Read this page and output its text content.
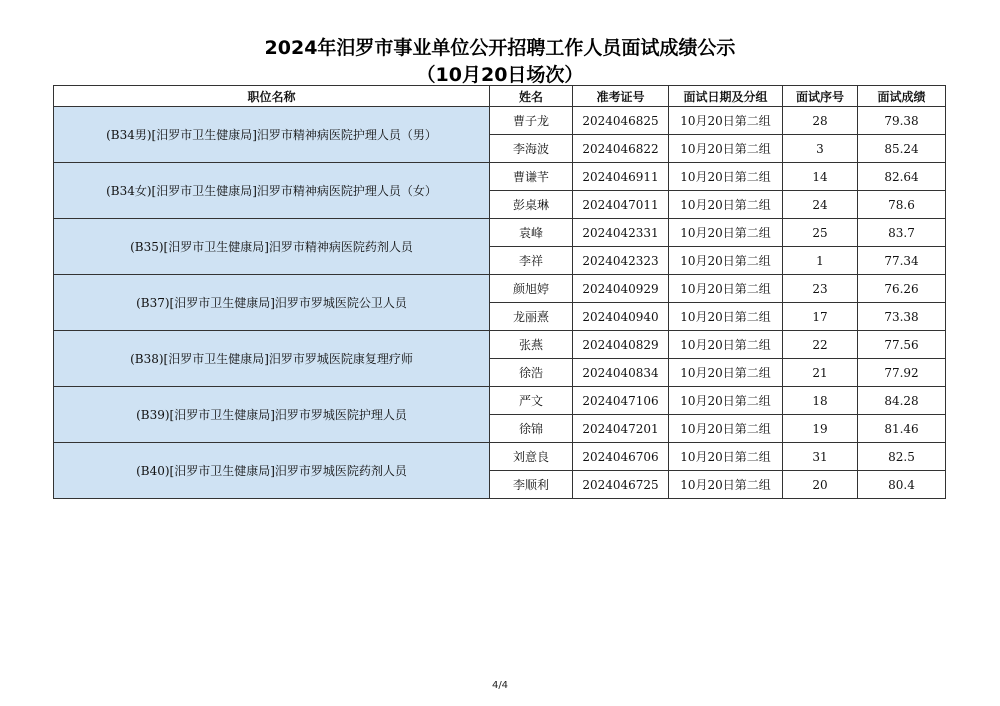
2024年汨罗市事业单位公开招聘工作人员面试成绩公示
（10月20日场次）
职位名称	姓名	准考证号	面试日期及分组	面试序号	面试成绩
(B34男)[汨罗市卫生健康局]汨罗市精神病医院护理人员（男）	曹子龙	2024046825	10月20日第二组	28	79.38
	李海波	2024046822	10月20日第二组	3	85.24
(B34女)[汨罗市卫生健康局]汨罗市精神病医院护理人员（女）	曹谦芊	2024046911	10月20日第二组	14	82.64
	彭桌琳	2024047011	10月20日第二组	24	78.6
(B35)[汨罗市卫生健康局]汨罗市精神病医院药剂人员	袁峰	2024042331	10月20日第二组	25	83.7
	李祥	2024042323	10月20日第二组	1	77.34
(B37)[汨罗市卫生健康局]汨罗市罗城医院公卫人员	颜旭婷	2024040929	10月20日第二组	23	76.26
	龙丽熹	2024040940	10月20日第二组	17	73.38
(B38)[汨罗市卫生健康局]汨罗市罗城医院康复理疗师	张燕	2024040829	10月20日第二组	22	77.56
	徐浩	2024040834	10月20日第二组	21	77.92
(B39)[汨罗市卫生健康局]汨罗市罗城医院护理人员	严文	2024047106	10月20日第二组	18	84.28
	徐锦	2024047201	10月20日第二组	19	81.46
(B40)[汨罗市卫生健康局]汨罗市罗城医院药剂人员	刘意良	2024046706	10月20日第二组	31	82.5
	李顺利	2024046725	10月20日第二组	20	80.4
4/4
